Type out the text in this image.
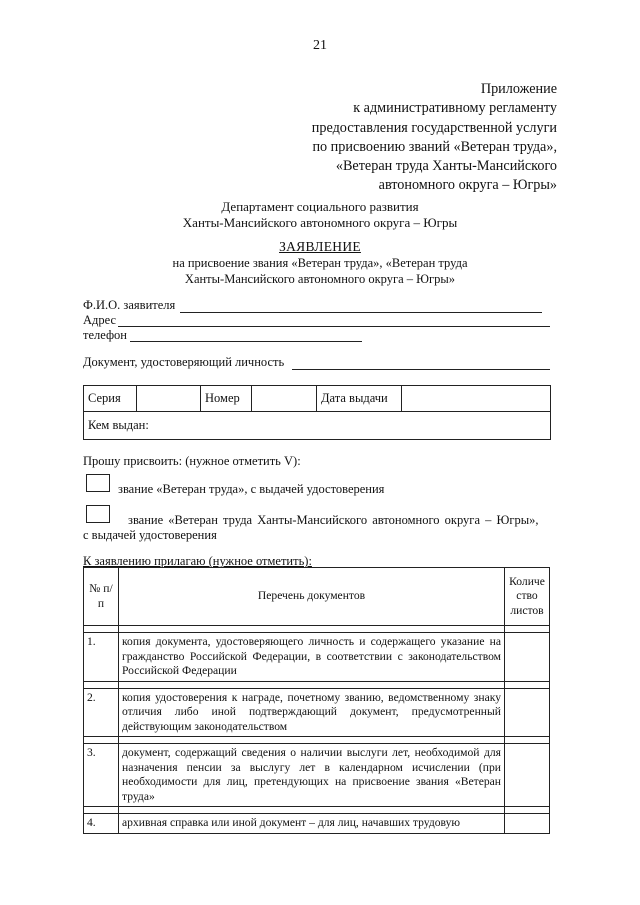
21
Приложение
к административному регламенту
предоставления государственной услуги
по присвоению званий «Ветеран труда»,
«Ветеран труда Ханты-Мансийского
автономного округа – Югры»
Департамент социального развития
Ханты-Мансийского автономного округа – Югры
ЗАЯВЛЕНИЕ
на присвоение звания «Ветеран труда», «Ветеран труда
Ханты-Мансийского автономного округа – Югры»
Ф.И.О. заявителя
Адрес
телефон
Документ, удостоверяющий личность
Серия		Номер		Дата выдачи	
Кем выдан:
Прошу присвоить: (нужное отметить V):
звание «Ветеран труда», с выдачей удостоверения
звание «Ветеран труда Ханты-Мансийского автономного округа – Югры»,
с выдачей удостоверения
К заявлению прилагаю (нужное отметить):
№ п/п	Перечень документов	Количе ство листов

1.	копия документа, удостоверяющего личность и содержащего указание на гражданство Российской Федерации, в соответствии с законодательством Российской Федерации	

2.	копия удостоверения к награде, почетному званию, ведомственному знаку отличия либо иной подтверждающий документ, предусмотренный действующим законодательством	

3.	документ, содержащий сведения о наличии выслуги лет, необходимой для назначения пенсии за выслугу лет в календарном исчислении (при необходимости для лиц, претендующих на присвоение звания «Ветеран труда»	

4.	архивная справка или иной документ – для лиц, начавших трудовую	
